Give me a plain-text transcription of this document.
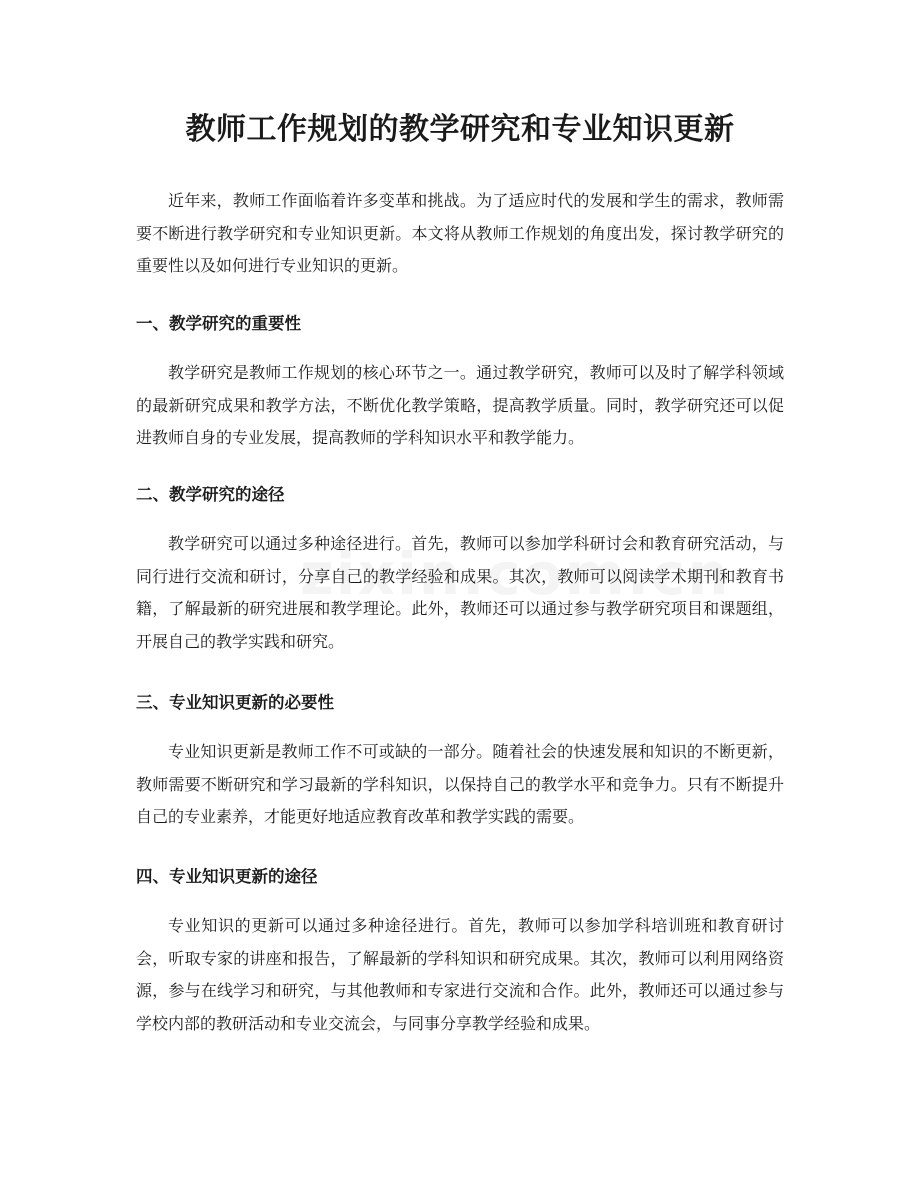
教师工作规划的教学研究和专业知识更新

近年来，教师工作面临着许多变革和挑战。为了适应时代的发展和学生的需求，教师需要不断进行教学研究和专业知识更新。本文将从教师工作规划的角度出发，探讨教学研究的重要性以及如何进行专业知识的更新。

一、教学研究的重要性

教学研究是教师工作规划的核心环节之一。通过教学研究，教师可以及时了解学科领域的最新研究成果和教学方法，不断优化教学策略，提高教学质量。同时，教学研究还可以促进教师自身的专业发展，提高教师的学科知识水平和教学能力。

二、教学研究的途径

教学研究可以通过多种途径进行。首先，教师可以参加学科研讨会和教育研究活动，与同行进行交流和研讨，分享自己的教学经验和成果。其次，教师可以阅读学术期刊和教育书籍，了解最新的研究进展和教学理论。此外，教师还可以通过参与教学研究项目和课题组，开展自己的教学实践和研究。

三、专业知识更新的必要性

专业知识更新是教师工作不可或缺的一部分。随着社会的快速发展和知识的不断更新，教师需要不断研究和学习最新的学科知识，以保持自己的教学水平和竞争力。只有不断提升自己的专业素养，才能更好地适应教育改革和教学实践的需要。

四、专业知识更新的途径

专业知识的更新可以通过多种途径进行。首先，教师可以参加学科培训班和教育研讨会，听取专家的讲座和报告，了解最新的学科知识和研究成果。其次，教师可以利用网络资源，参与在线学习和研究，与其他教师和专家进行交流和合作。此外，教师还可以通过参与学校内部的教研活动和专业交流会，与同事分享教学经验和成果。
